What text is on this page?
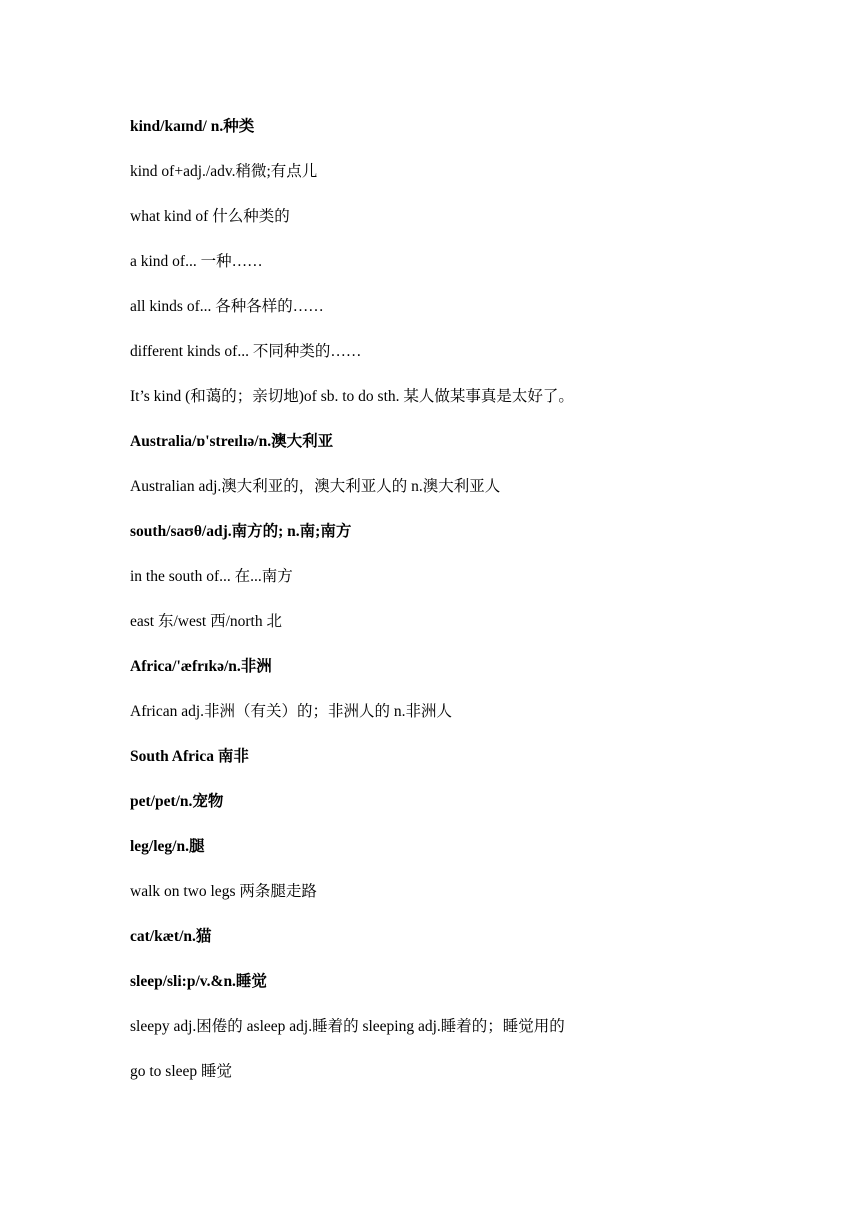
kind/kaɪnd/ n.种类
kind of+adj./adv.稍微;有点儿
what kind of 什么种类的
a kind of... 一种……
all kinds of... 各种各样的……
different kinds of... 不同种类的……
It’s kind (和蔼的；亲切地)of sb. to do sth. 某人做某事真是太好了。
Australia/ɒ'streɪlɪə/n.澳大利亚
Australian adj.澳大利亚的，澳大利亚人的 n.澳大利亚人
south/saʊθ/adj.南方的; n.南;南方
in the south of... 在...南方
east 东/west 西/north 北
Africa/'æfrɪkə/n.非洲
African adj.非洲（有关）的；非洲人的 n.非洲人
South Africa 南非
pet/pet/n.宠物
leg/leg/n.腿
walk on two legs 两条腿走路
cat/kæt/n.猫
sleep/sli:p/v.&n.睡觉
sleepy adj.困倦的 asleep adj.睡着的 sleeping adj.睡着的；睡觉用的
go to sleep 睡觉
